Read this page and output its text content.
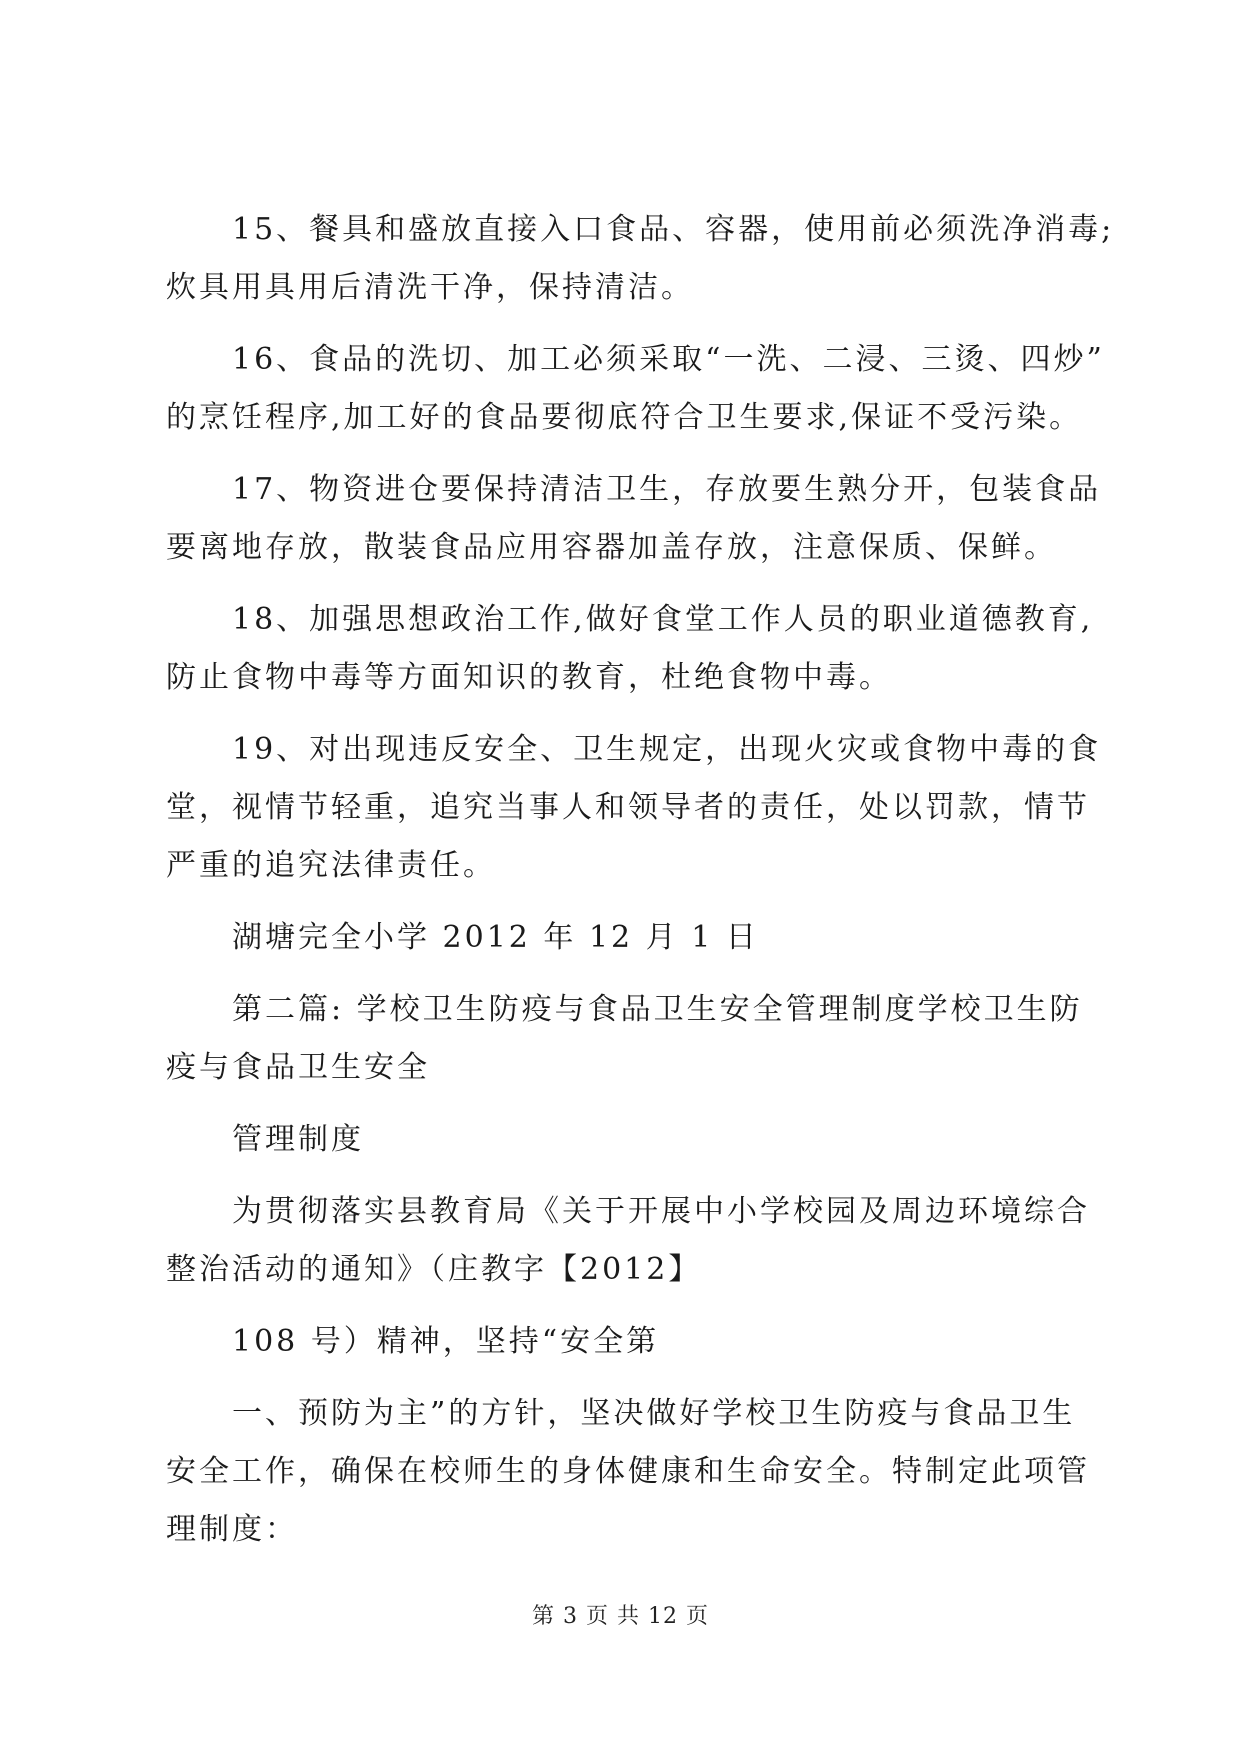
15、餐具和盛放直接入口食品、容器，使用前必须洗净消毒;
炊具用具用后清洗干净，保持清洁。
16、食品的洗切、加工必须采取“一洗、二浸、三烫、四炒”
的烹饪程序,加工好的食品要彻底符合卫生要求,保证不受污染。
17、物资进仓要保持清洁卫生，存放要生熟分开，包装食品
要离地存放，散装食品应用容器加盖存放，注意保质、保鲜。
18、加强思想政治工作,做好食堂工作人员的职业道德教育,
防止食物中毒等方面知识的教育，杜绝食物中毒。
19、对出现违反安全、卫生规定，出现火灾或食物中毒的食
堂，视情节轻重，追究当事人和领导者的责任，处以罚款，情节
严重的追究法律责任。
湖塘完全小学 2012 年 12 月 1 日
第二篇: 学校卫生防疫与食品卫生安全管理制度学校卫生防
疫与食品卫生安全
管理制度
为贯彻落实县教育局《关于开展中小学校园及周边环境综合
整治活动的通知》（庄教字【2012】
108 号）精神，坚持“安全第
一、预防为主”的方针，坚决做好学校卫生防疫与食品卫生
安全工作，确保在校师生的身体健康和生命安全。特制定此项管
理制度：
第 3 页 共 12 页
